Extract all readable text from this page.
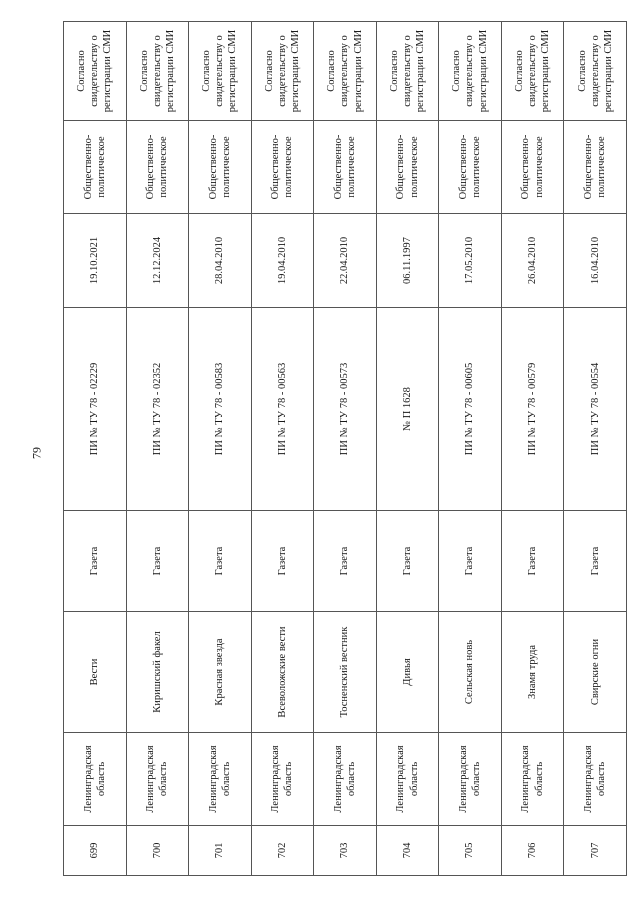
79
699	Ленинградская область	Вести	Газета	ПИ № ТУ 78 - 02229	19.10.2021	Общественно-политическое	Согласно свидетельству о регистрации СМИ
700	Ленинградская область	Киришский факел	Газета	ПИ № ТУ 78 - 02352	12.12.2024	Общественно-политическое	Согласно свидетельству о регистрации СМИ
701	Ленинградская область	Красная звезда	Газета	ПИ № ТУ 78 - 00583	28.04.2010	Общественно-политическое	Согласно свидетельству о регистрации СМИ
702	Ленинградская область	Всеволожские вести	Газета	ПИ № ТУ 78 - 00563	19.04.2010	Общественно-политическое	Согласно свидетельству о регистрации СМИ
703	Ленинградская область	Тосненский вестник	Газета	ПИ № ТУ 78 - 00573	22.04.2010	Общественно-политическое	Согласно свидетельству о регистрации СМИ
704	Ленинградская область	Дивья	Газета	№ П 1628	06.11.1997	Общественно-политическое	Согласно свидетельству о регистрации СМИ
705	Ленинградская область	Сельская новь	Газета	ПИ № ТУ 78 - 00605	17.05.2010	Общественно-политическое	Согласно свидетельству о регистрации СМИ
706	Ленинградская область	Знамя труда	Газета	ПИ № ТУ 78 - 00579	26.04.2010	Общественно-политическое	Согласно свидетельству о регистрации СМИ
707	Ленинградская область	Свирские огни	Газета	ПИ № ТУ 78 - 00554	16.04.2010	Общественно-политическое	Согласно свидетельству о регистрации СМИ
